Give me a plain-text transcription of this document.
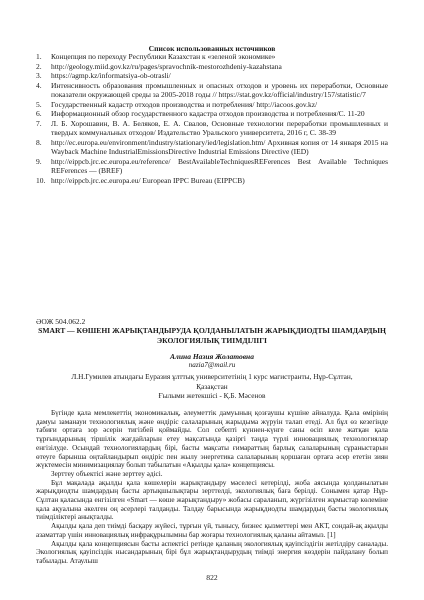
Список использованных источников
1.	Концепция по переходу Республики Казахстан к «зеленой экономике»
2.	http://geology.miid.gov.kz/ru/pages/spravochnik-mestorozhdeniy-kazahstana
3.	https://agmp.kz/informatsiya-ob-otrasli/
4.	Интенсивность образования промышленных и опасных отходов и уровень их переработки, Основные показатели окружающей среды за 2005-2018 годы // https://stat.gov.kz/official/industry/157/statistic/7
5.	Государственный кадастр отходов производства и потребления/ http://iacoos.gov.kz/
6.	Информационный обзор государственного кадастра отходов производства и потребления/С. 11-20
7.	Л. Б. Хорошавин, В. А. Беляков, Е. А. Свалов, Основные технологии переработки промышленных и твердых коммунальных отходов/ Издательство Уральского университета, 2016 г, С. 38-39
8.	http://ec.europa.eu/environment/industry/stationary/ied/legislation.htm/ Архивная копия от 14 января 2015 на Wayback Machine IndustrialEmissionsDirective Industrial Emissions Directive (IED)
9.	http://eippcb.jrc.ec.europa.eu/reference/ BestAvailableTechniquesREFerences Best Available Techniques REFerences — (BREF)
10. http://eippcb.jrc.ec.europa.eu/ European IPPC Bureau (EIPPCB)
ӘОЖ 504.062.2
SMART — КӨШЕНІ ЖАРЫҚТАНДЫРУДА ҚОЛДАНЫЛАТЫН ЖАРЫҚДИОДТЫ ШАМДАРДЫҢ ЭКОЛОГИЯЛЫҚ ТИІМДІЛІГІ
Алина Назия Жолатовна
nazia7@mail.ru
Л.Н.Гумилев атындағы Еуразия ұлттық университетінің 1 курс магистранты, Нұр-Сұлтан, Қазақстан
Ғылыми жетекшісі - Қ.Б. Мәсенов

Бүгінде қала мемлекеттің экономикалық, әлеуметтік дамуының қозғаушы күшіне айналуда. Қала өмірінің дамуы заманауи технологиялық және өндіріс салаларының жарыдыма жүруін талап етеді. Ал бұл өз кезегінде табиғи ортаға зор әсерін тигізбей қоймайды. Сол себепті күннен-күнге саны өсіп келе жатқан қала тұрғындарының тіршілік жағдайларын етеу мақсатында қазіргі таңда түрлі инновациялық технологиялар енгізілуде. Осындай технологиялардың бірі, басты мақсаты ғимараттың барлық салаларының сұраныстарын өтеуге барынша оңтайландырып өндіріс пен жылу энергетика салаларының қоршаған ортаға әсер ететін зиян жүктемесін минимизациялау болып табылатын «Ақылды қала» концепциясы.

Зерттеу объектісі және зерттеу әдісі.

Бұл мақалада ақылды қала көшелерін жарықтандыру мәселесі кетерілді, жоба аясында қолданылатын жарықдиодты шамдардың басты артықшылықтары зерттелді, экологиялық баға берілді. Сонымен қатар Нұр-Сұлтан қаласында енгізілген «Smart — көше жарықтандыру» жобасы сараланып, жүргізілген жұмыстар көлеміне қала ақуалына әкелген оң әсерлері талданды. Талдау барысында жарықдиодты шамдардың басты экологиялық тиімділіктері анықталды.

Ақылды қала деп тиімді басқару жүйесі, тұрғын үй, тынысу, бизнес қызметтері мен АКТ, сондай-ақ ақылды азаматтар үшін инновациялық инфрақұрылымны бар жоғары технологиялық қаланы айтамыз. [1]

Ақылды қала концепциясын басты аспектісі ретінде қаланың экологиялық қауіпсіздігін жетілдіру саналады. Экологиялық қауіпсіздік нысандарының бірі бұл жарықтандырудың тиімді энергия көздерін пайдалану болып табылады. Атаулыш

822
